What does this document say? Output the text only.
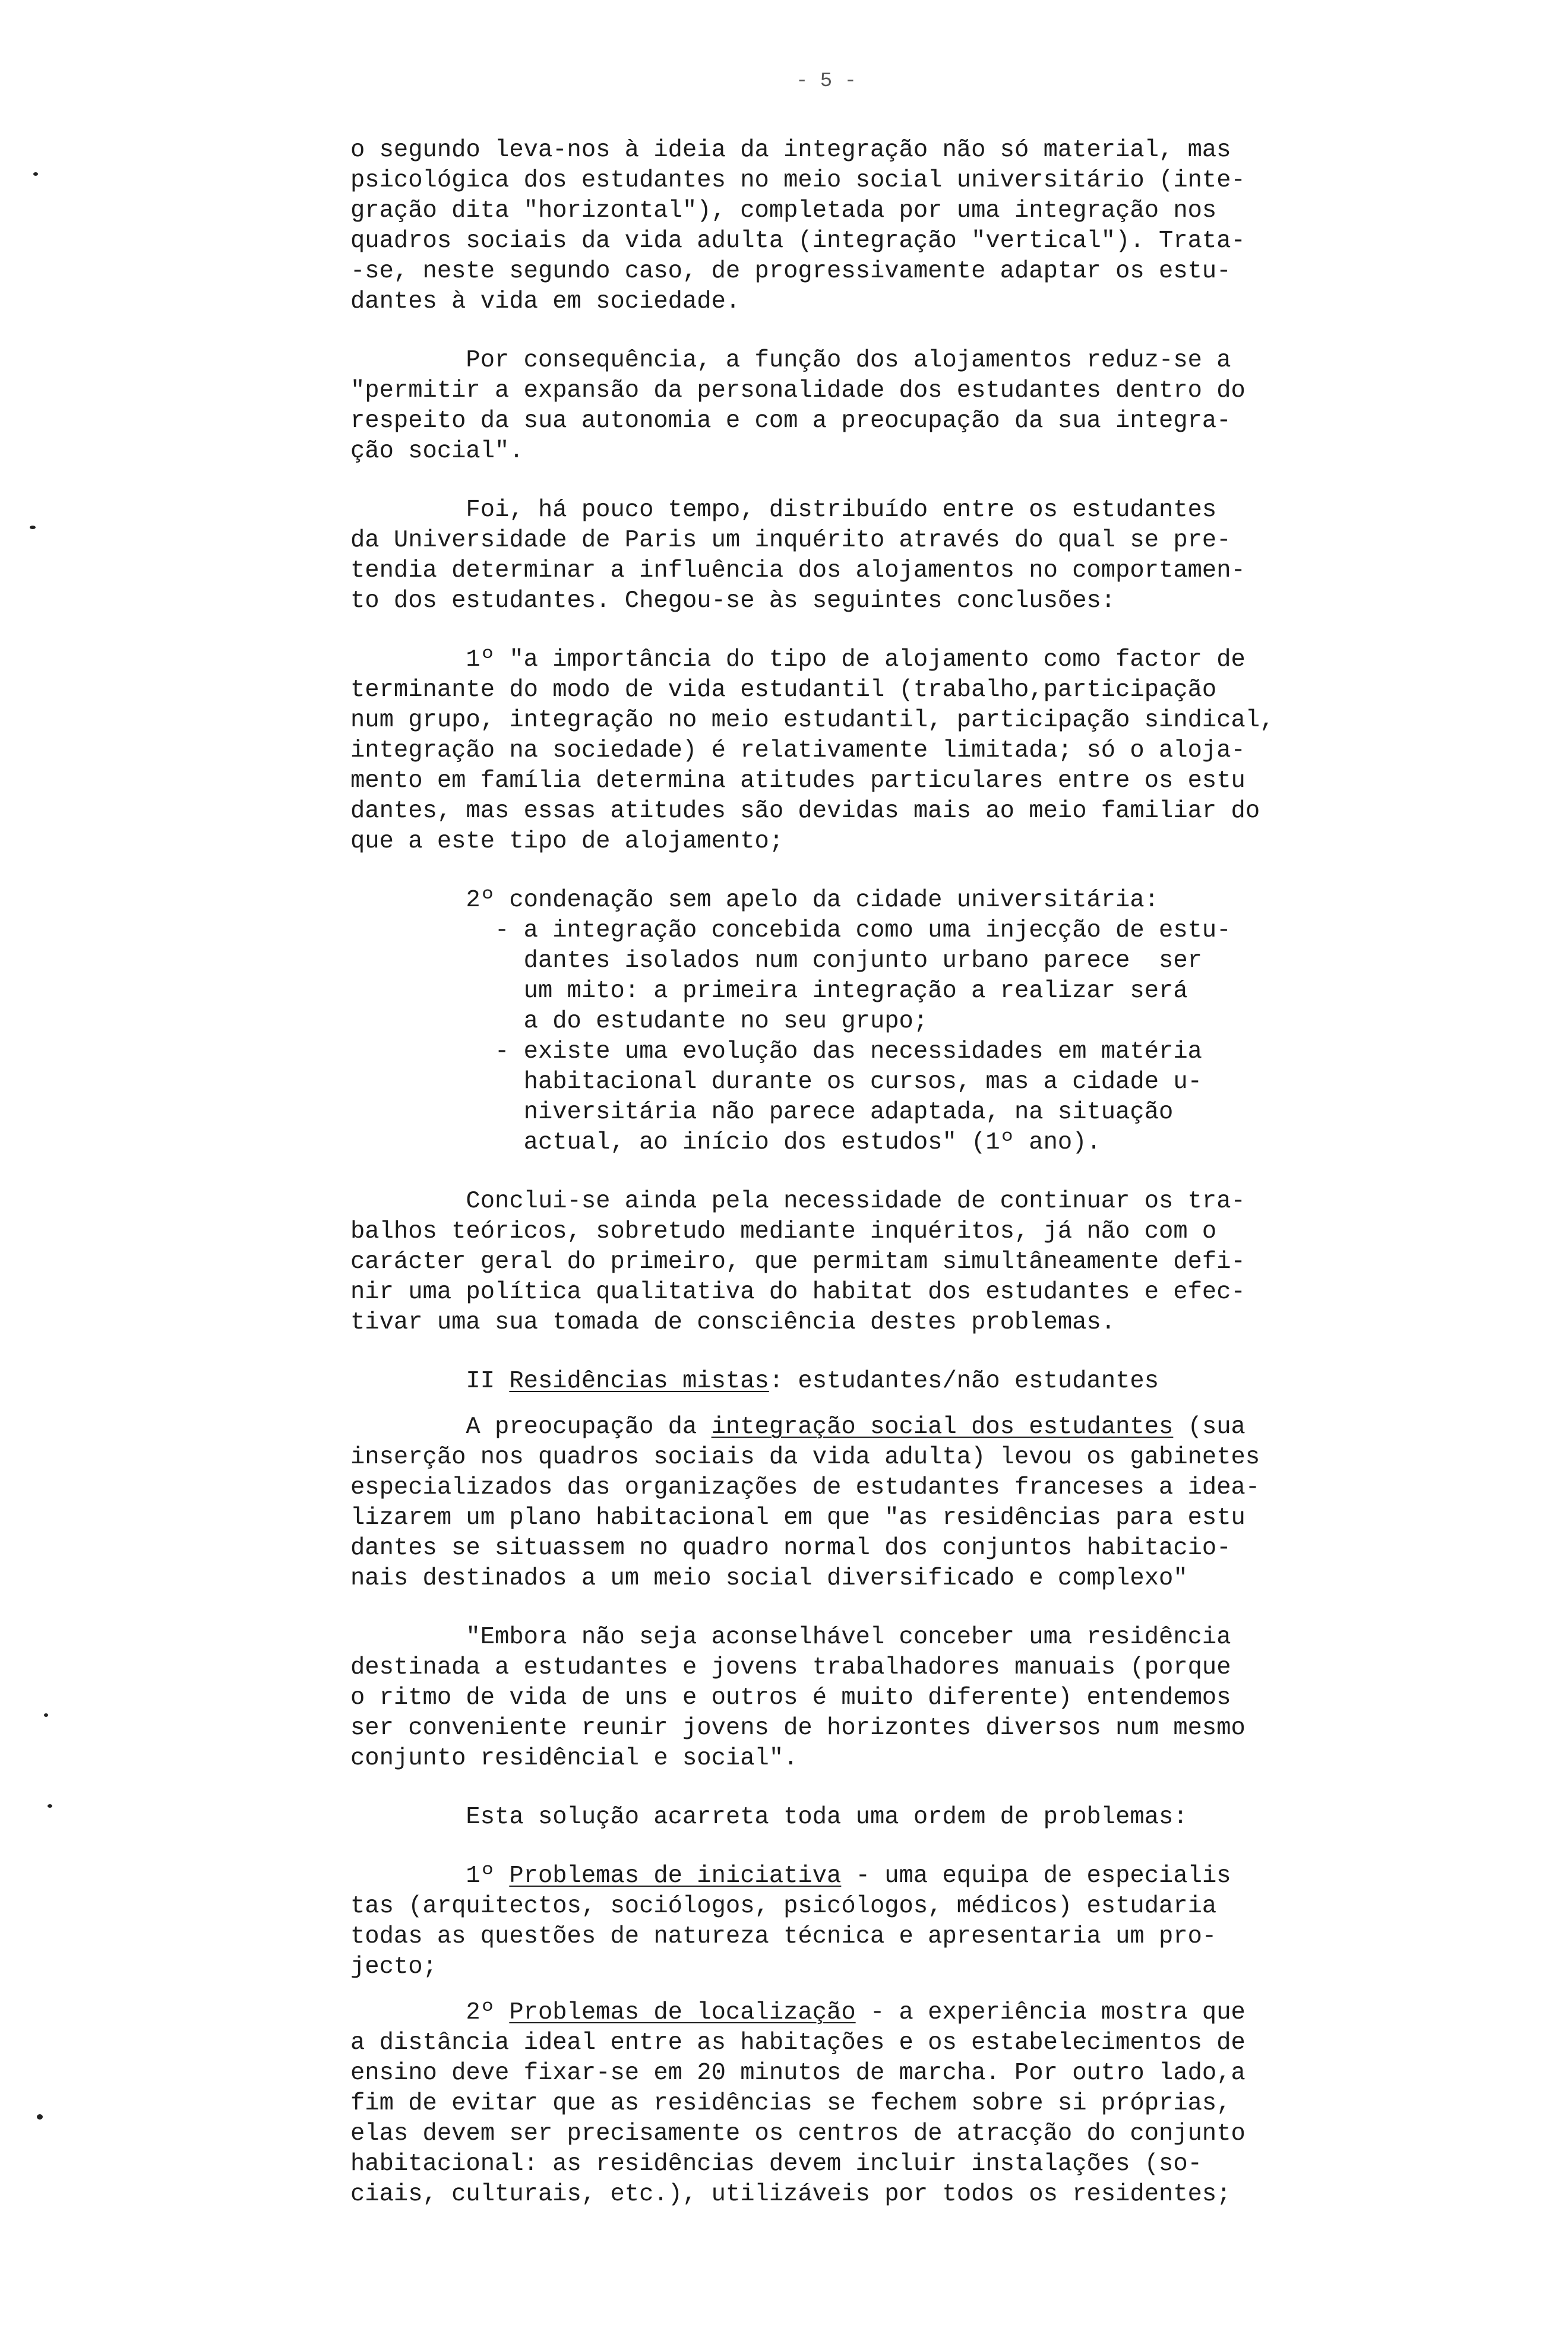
- 5 -
o segundo leva-nos à ideia da integração não só material, mas
psicológica dos estudantes no meio social universitário (inte-
gração dita "horizontal"), completada por uma integração nos
quadros sociais da vida adulta (integração "vertical"). Trata-
-se, neste segundo caso, de progressivamente adaptar os estu-
dantes à vida em sociedade.
Por consequência, a função dos alojamentos reduz-se a
"permitir a expansão da personalidade dos estudantes dentro do
respeito da sua autonomia e com a preocupação da sua integra-
ção social".
Foi, há pouco tempo, distribuído entre os estudantes
da Universidade de Paris um inquérito através do qual se pre-
tendia determinar a influência dos alojamentos no comportamen-
to dos estudantes. Chegou-se às seguintes conclusões:
1º "a importância do tipo de alojamento como factor de
terminante do modo de vida estudantil (trabalho,participação
num grupo, integração no meio estudantil, participação sindical,
integração na sociedade) é relativamente limitada; só o aloja-
mento em família determina atitudes particulares entre os estu
dantes, mas essas atitudes são devidas mais ao meio familiar do
que a este tipo de alojamento;
2º condenação sem apelo da cidade universitária:
- a integração concebida como uma injecção de estu-
dantes isolados num conjunto urbano parece  ser
um mito: a primeira integração a realizar será
a do estudante no seu grupo;
- existe uma evolução das necessidades em matéria
habitacional durante os cursos, mas a cidade u-
niversitária não parece adaptada, na situação
actual, ao início dos estudos" (1º ano).
Conclui-se ainda pela necessidade de continuar os tra-
balhos teóricos, sobretudo mediante inquéritos, já não com o
carácter geral do primeiro, que permitam simultâneamente defi-
nir uma política qualitativa do habitat dos estudantes e efec-
tivar uma sua tomada de consciência destes problemas.
II Residências mistas: estudantes/não estudantes
A preocupação da integração social dos estudantes (sua
inserção nos quadros sociais da vida adulta) levou os gabinetes
especializados das organizações de estudantes franceses a idea-
lizarem um plano habitacional em que "as residências para estu
dantes se situassem no quadro normal dos conjuntos habitacio-
nais destinados a um meio social diversificado e complexo"
"Embora não seja aconselhável conceber uma residência
destinada a estudantes e jovens trabalhadores manuais (porque
o ritmo de vida de uns e outros é muito diferente) entendemos
ser conveniente reunir jovens de horizontes diversos num mesmo
conjunto residêncial e social".
Esta solução acarreta toda uma ordem de problemas:
1º Problemas de iniciativa - uma equipa de especialis
tas (arquitectos, sociólogos, psicólogos, médicos) estudaria
todas as questões de natureza técnica e apresentaria um pro-
jecto;
2º Problemas de localização - a experiência mostra que
a distância ideal entre as habitações e os estabelecimentos de
ensino deve fixar-se em 20 minutos de marcha. Por outro lado,a
fim de evitar que as residências se fechem sobre si próprias,
elas devem ser precisamente os centros de atracção do conjunto
habitacional: as residências devem incluir instalações (so-
ciais, culturais, etc.), utilizáveis por todos os residentes;
